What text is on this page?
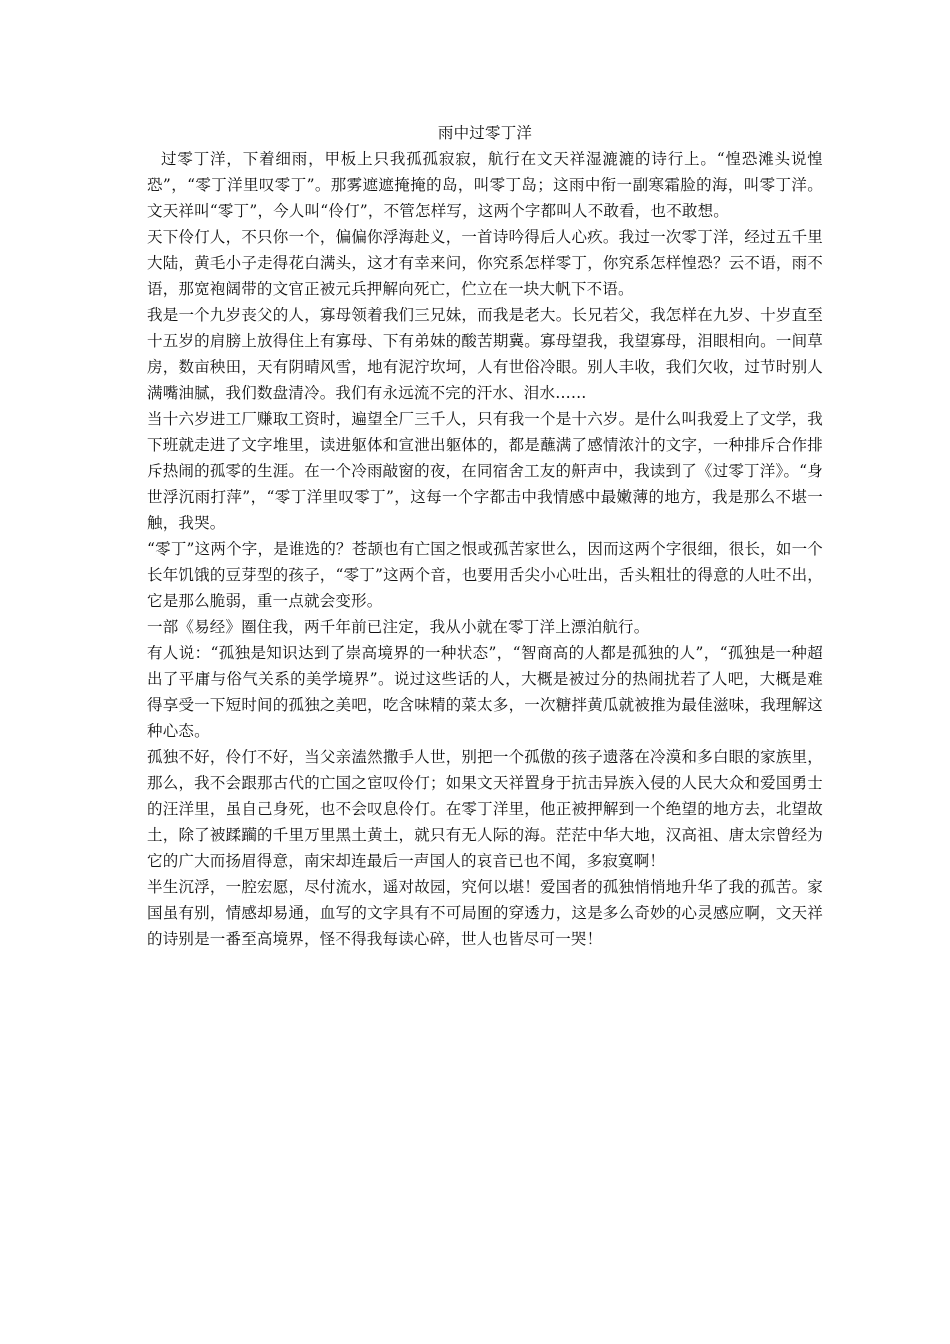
雨中过零丁洋

过零丁洋，下着细雨，甲板上只我孤孤寂寂，航行在文天祥湿漉漉的诗行上。“惶恐滩头说惶恐”，“零丁洋里叹零丁”。那雾遮遮掩掩的岛，叫零丁岛；这雨中衔一副寒霜脸的海，叫零丁洋。文天祥叫“零丁”，今人叫“伶仃”，不管怎样写，这两个字都叫人不敢看，也不敢想。

天下伶仃人，不只你一个，偏偏你浮海赴义，一首诗吟得后人心疚。我过一次零丁洋，经过五千里大陆，黄毛小子走得花白满头，这才有幸来问，你究系怎样零丁，你究系怎样惶恐？云不语，雨不语，那宽袍阔带的文官正被元兵押解向死亡，伫立在一块大帆下不语。

我是一个九岁丧父的人，寡母领着我们三兄妹，而我是老大。长兄若父，我怎样在九岁、十岁直至十五岁的肩膀上放得住上有寡母、下有弟妹的酸苦期冀。寡母望我，我望寡母，泪眼相向。一间草房，数亩秧田，天有阴晴风雪，地有泥泞坎坷，人有世俗冷眼。别人丰收，我们欠收，过节时别人满嘴油腻，我们数盘清冷。我们有永远流不完的汗水、泪水……

当十六岁进工厂赚取工资时，遍望全厂三千人，只有我一个是十六岁。是什么叫我爱上了文学，我下班就走进了文字堆里，读进躯体和宣泄出躯体的，都是蘸满了感情浓汁的文字，一种排斥合作排斥热闹的孤零的生涯。在一个冷雨敲窗的夜，在同宿舍工友的鼾声中，我读到了《过零丁洋》。“身世浮沉雨打萍”，“零丁洋里叹零丁”，这每一个字都击中我情感中最嫩薄的地方，我是那么不堪一触，我哭。

“零丁”这两个字，是谁选的？苍颉也有亡国之恨或孤苦家世么，因而这两个字很细，很长，如一个长年饥饿的豆芽型的孩子，“零丁”这两个音，也要用舌尖小心吐出，舌头粗壮的得意的人吐不出，它是那么脆弱，重一点就会变形。

一部《易经》圈住我，两千年前已注定，我从小就在零丁洋上漂泊航行。

有人说：“孤独是知识达到了崇高境界的一种状态”，“智商高的人都是孤独的人”，“孤独是一种超出了平庸与俗气关系的美学境界”。说过这些话的人，大概是被过分的热闹扰若了人吧，大概是难得享受一下短时间的孤独之美吧，吃含味精的菜太多，一次糖拌黄瓜就被推为最佳滋味，我理解这种心态。

孤独不好，伶仃不好，当父亲溘然撒手人世，别把一个孤傲的孩子遗落在冷漠和多白眼的家族里，那么，我不会跟那古代的亡国之宦叹伶仃；如果文天祥置身于抗击异族入侵的人民大众和爱国勇士的汪洋里，虽自己身死，也不会叹息伶仃。在零丁洋里，他正被押解到一个绝望的地方去，北望故土，除了被蹂躏的千里万里黑土黄土，就只有无人际的海。茫茫中华大地，汉高祖、唐太宗曾经为它的广大而扬眉得意，南宋却连最后一声国人的哀音已也不闻，多寂寞啊！

半生沉浮，一腔宏愿，尽付流水，遥对故园，究何以堪！爱国者的孤独悄悄地升华了我的孤苦。家国虽有别，情感却易通，血写的文字具有不可局囿的穿透力，这是多么奇妙的心灵感应啊，文天祥的诗别是一番至高境界，怪不得我每读心碎，世人也皆尽可一哭！
